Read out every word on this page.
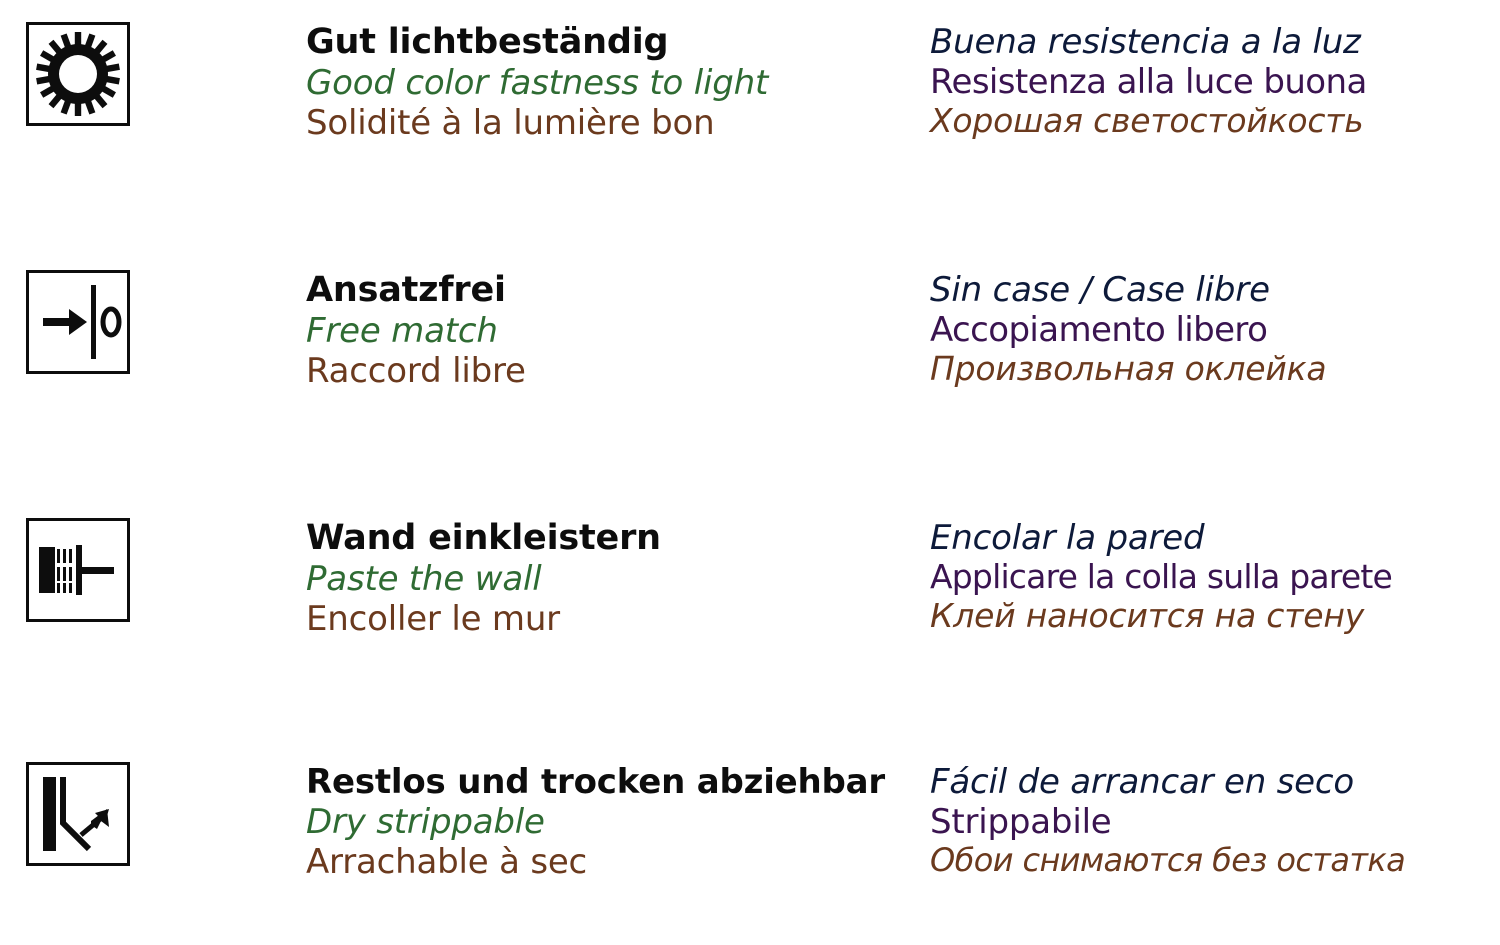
Gut lichtbeständig
Good color fastness to light
Solidité à la lumière bon
Buena resistencia a la luz
Resistenza alla luce buona
Хорошая светостойкость
Ansatzfrei
Free match
Raccord libre
Sin case / Case libre
Accopiamento libero
Произвольная оклейка
Wand einkleistern
Paste the wall
Encoller le mur
Encolar la pared
Applicare la colla sulla parete
Клей наносится на стену
Restlos und trocken abziehbar
Dry strippable
Arrachable à sec
Fácil de arrancar en seco
Strippabile
Обои снимаются без остатка
